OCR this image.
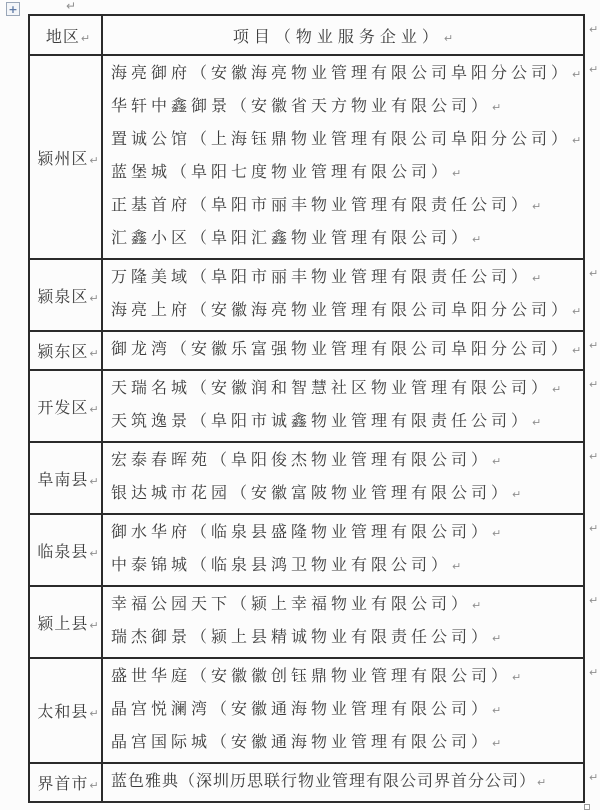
+	↵
地区↵	项目（物业服务企业）↵
颍州区↵	
海亮御府（安徽海亮物业管理有限公司阜阳分公司）↵
华轩中鑫御景（安徽省天方物业有限公司）↵
置诚公馆（上海钰鼎物业管理有限公司阜阳分公司）↵
蓝堡城（阜阳七度物业管理有限公司）↵
正基首府（阜阳市丽丰物业管理有限责任公司）↵
汇鑫小区（阜阳汇鑫物业管理有限公司）↵

颍泉区↵	万隆美域（阜阳市丽丰物业管理有限责任公司）↵
海亮上府（安徽海亮物业管理有限公司阜阳分公司）↵

颍东区↵	御龙湾（安徽乐富强物业管理有限公司阜阳分公司）↵

开发区↵	天瑞名城（安徽润和智慧社区物业管理有限公司）↵
天筑逸景（阜阳市诚鑫物业管理有限责任公司）↵

阜南县↵	宏泰春晖苑（阜阳俊杰物业管理有限公司）↵
银达城市花园（安徽富陂物业管理有限公司）↵

临泉县↵	御水华府（临泉县盛隆物业管理有限公司）↵
中泰锦城（临泉县鸿卫物业有限公司）↵

颍上县↵	幸福公园天下（颍上幸福物业有限公司）↵
瑞杰御景（颍上县精诚物业有限责任公司）↵

太和县↵	盛世华庭（安徽徽创钰鼎物业管理有限公司）↵
晶宫悦澜湾（安徽通海物业管理有限公司）↵
晶宫国际城（安徽通海物业管理有限公司）↵

界首市↵	蓝色雅典（深圳历思联行物业管理有限公司界首分公司）↵
↵
↵
↵
↵
↵
↵
↵
↵
↵
↵
